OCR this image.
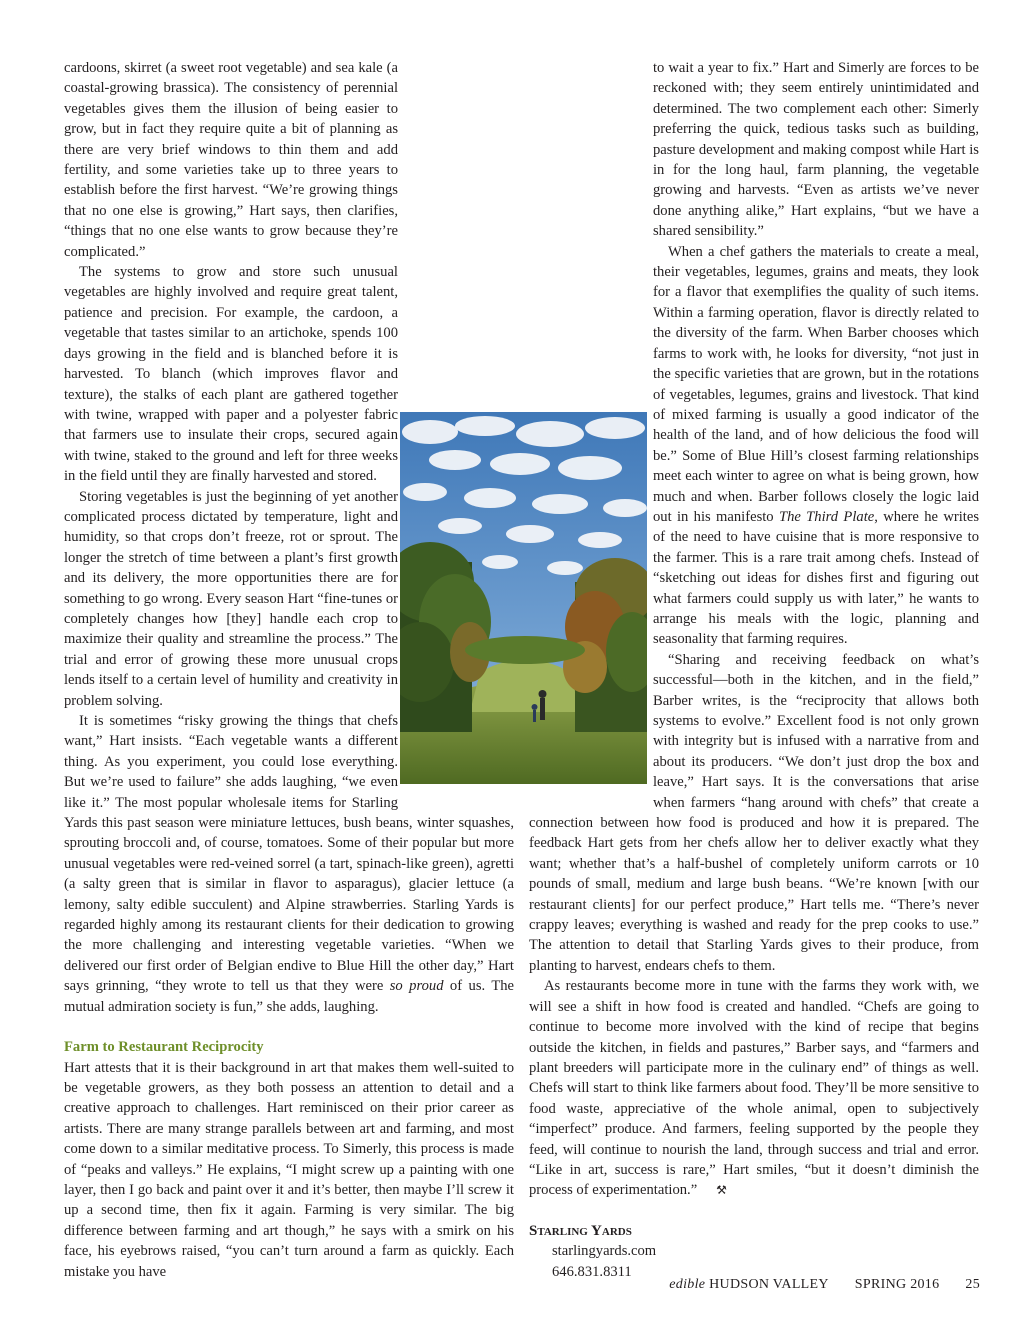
cardoons, skirret (a sweet root vegetable) and sea kale (a coastal-growing brassica). The consistency of perennial vegetables gives them the illusion of being easier to grow, but in fact they require quite a bit of planning as there are very brief windows to thin them and add fertility, and some varieties take up to three years to establish before the first harvest. “We’re growing things that no one else is growing,” Hart says, then clarifies, “things that no one else wants to grow because they’re complicated.”

The systems to grow and store such unusual vegetables are highly involved and require great talent, patience and precision. For example, the cardoon, a vegetable that tastes similar to an artichoke, spends 100 days growing in the field and is blanched before it is harvested. To blanch (which improves flavor and texture), the stalks of each plant are gathered together with twine, wrapped with paper and a polyester fabric that farmers use to insulate their crops, secured again with twine, staked to the ground and left for three weeks in the field until they are finally harvested and stored.

Storing vegetables is just the beginning of yet another complicated process dictated by temperature, light and humidity, so that crops don’t freeze, rot or sprout. The longer the stretch of time between a plant’s first growth and its delivery, the more opportunities there are for something to go wrong. Every season Hart “fine-tunes or completely changes how [they] handle each crop to maximize their quality and streamline the process.” The trial and error of growing these more unusual crops lends itself to a certain level of humility and creativity in problem solving.

It is sometimes “risky growing the things that chefs want,” Hart insists. “Each vegetable wants a different thing. As you experiment, you could lose everything. But we’re used to failure” she adds laughing, “we even like it.” The most popular wholesale items for Starling Yards this past season were miniature lettuces, bush beans, winter squashes, sprouting broccoli and, of course, tomatoes. Some of their popular but more unusual vegetables were red-veined sorrel (a tart, spinach-like green), agretti (a salty green that is similar in flavor to asparagus), glacier lettuce (a lemony, salty edible succulent) and Alpine strawberries. Starling Yards is regarded highly among its restaurant clients for their dedication to growing the more challenging and interesting vegetable varieties. “When we delivered our first order of Belgian endive to Blue Hill the other day,” Hart says grinning, “they wrote to tell us that they were so proud of us. The mutual admiration society is fun,” she adds, laughing.

Farm to Restaurant Reciprocity

Hart attests that it is their background in art that makes them well-suited to be vegetable growers, as they both possess an attention to detail and a creative approach to challenges. Hart reminisced on their prior career as artists. There are many strange parallels between art and farming, and most come down to a similar meditative process. To Simerly, this process is made of “peaks and valleys.” He explains, “I might screw up a painting with one layer, then I go back and paint over it and it’s better, then maybe I’ll screw it up a second time, then fix it again. Farming is very similar. The big difference between farming and art though,” he says with a smirk on his face, his eyebrows raised, “you can’t turn around a farm as quickly. Each mistake you have

to wait a year to fix.” Hart and Simerly are forces to be reckoned with; they seem entirely unintimidated and determined. The two complement each other: Simerly preferring the quick, tedious tasks such as building, pasture development and making compost while Hart is in for the long haul, farm planning, the vegetable growing and harvests. “Even as artists we’ve never done anything alike,” Hart explains, “but we have a shared sensibility.”

When a chef gathers the materials to create a meal, their vegetables, legumes, grains and meats, they look for a flavor that exemplifies the quality of such items. Within a farming operation, flavor is directly related to the diversity of the farm. When Barber chooses which farms to work with, he looks for diversity, “not just in the specific varieties that are grown, but in the rotations of vegetables, legumes, grains and livestock. That kind of mixed farming is usually a good indicator of the health of the land, and of how delicious the food will be.” Some of Blue Hill’s closest farming relationships meet each winter to agree on what is being grown, how much and when. Barber follows closely the logic laid out in his manifesto The Third Plate, where he writes of the need to have cuisine that is more responsive to the farmer. This is a rare trait among chefs. Instead of “sketching out ideas for dishes first and figuring out what farmers could supply us with later,” he wants to arrange his meals with the logic, planning and seasonality that farming requires.

“Sharing and receiving feedback on what’s successful—both in the kitchen, and in the field,” Barber writes, is the “reciprocity that allows both systems to evolve.” Excellent food is not only grown with integrity but is infused with a narrative from and about its producers. “We don’t just drop the box and leave,” Hart says. It is the conversations that arise when farmers “hang around with chefs” that create a connection between how food is produced and how it is prepared. The feedback Hart gets from her chefs allow her to deliver exactly what they want; whether that’s a half-bushel of completely uniform carrots or 10 pounds of small, medium and large bush beans. “We’re known [with our restaurant clients] for our perfect produce,” Hart tells me. “There’s never crappy leaves; everything is washed and ready for the prep cooks to use.” The attention to detail that Starling Yards gives to their produce, from planting to harvest, endears chefs to them.

As restaurants become more in tune with the farms they work with, we will see a shift in how food is created and handled. “Chefs are going to continue to become more involved with the kind of recipe that begins outside the kitchen, in fields and pastures,” Barber says, and “farmers and plant breeders will participate more in the culinary end” of things as well. Chefs will start to think like farmers about food. They’ll be more sensitive to food waste, appreciative of the whole animal, open to subjectively “imperfect” produce. And farmers, feeling supported by the people they feed, will continue to nourish the land, through success and trial and error. “Like in art, success is rare,” Hart smiles, “but it doesn’t diminish the process of experimentation.” ⚒

Starling Yards
starlingyards.com
646.831.8311
edible HUDSON VALLEY SPRING 2016 25
